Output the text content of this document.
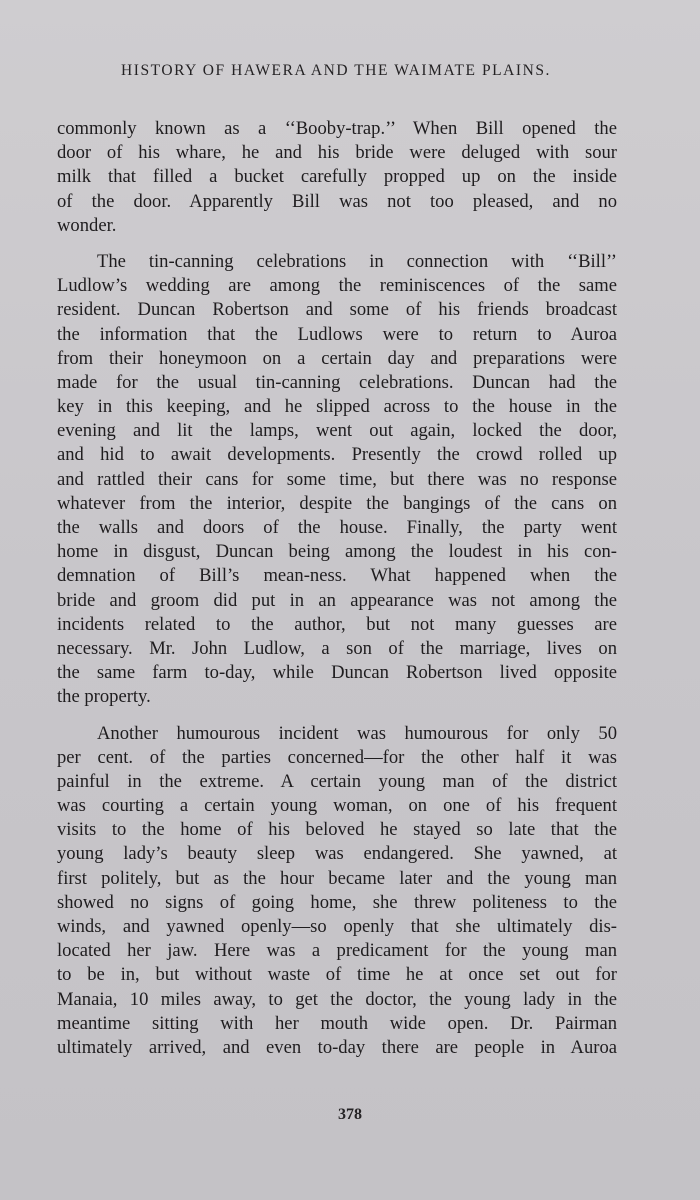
HISTORY OF HAWERA AND THE WAIMATE PLAINS.

commonly known as a ‘‘Booby-trap.’’ When Bill opened the
door of his whare, he and his bride were deluged with sour
milk that filled a bucket carefully propped up on the inside
of the door. Apparently Bill was not too pleased, and no
wonder.

The tin-canning celebrations in connection with ‘‘Bill’’
Ludlow’s wedding are among the reminiscences of the same
resident. Duncan Robertson and some of his friends broadcast
the information that the Ludlows were to return to Auroa
from their honeymoon on a certain day and preparations were
made for the usual tin-canning celebrations. Duncan had the
key in this keeping, and he slipped across to the house in the
evening and lit the lamps, went out again, locked the door,
and hid to await developments. Presently the crowd rolled up
and rattled their cans for some time, but there was no response
whatever from the interior, despite the bangings of the cans on
the walls and doors of the house. Finally, the party went
home in disgust, Duncan being among the loudest in his con-
demnation of Bill’s mean-ness. What happened when the
bride and groom did put in an appearance was not among the
incidents related to the author, but not many guesses are
necessary. Mr. John Ludlow, a son of the marriage, lives on
the same farm to-day, while Duncan Robertson lived opposite
the property.

Another humourous incident was humourous for only 50
per cent. of the parties concerned—for the other half it was
painful in the extreme. A certain young man of the district
was courting a certain young woman, on one of his frequent
visits to the home of his beloved he stayed so late that the
young lady’s beauty sleep was endangered. She yawned, at
first politely, but as the hour became later and the young man
showed no signs of going home, she threw politeness to the
winds, and yawned openly—so openly that she ultimately dis-
located her jaw. Here was a predicament for the young man
to be in, but without waste of time he at once set out for
Manaia, 10 miles away, to get the doctor, the young lady in the
meantime sitting with her mouth wide open. Dr. Pairman
ultimately arrived, and even to-day there are people in Auroa

378
